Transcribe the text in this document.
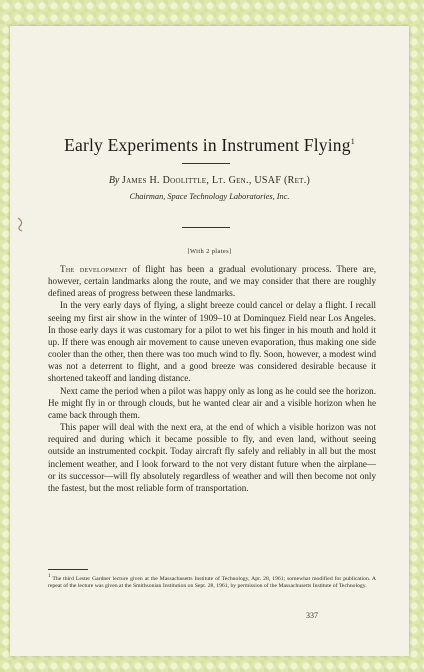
Early Experiments in Instrument Flying$^1$
By James H. Doolittle, Lt. Gen., USAF (Ret.)
Chairman, Space Technology Laboratories, Inc.
[With 2 plates]

The development of flight has been a gradual evolutionary process. There are, however, certain landmarks along the route, and we may consider that there are roughly defined areas of progress between these landmarks.

In the very early days of flying, a slight breeze could cancel or delay a flight. I recall seeing my first air show in the winter of 1909–10 at Dominquez Field near Los Angeles. In those early days it was customary for a pilot to wet his finger in his mouth and hold it up. If there was enough air movement to cause uneven evaporation, thus making one side cooler than the other, then there was too much wind to fly. Soon, however, a modest wind was not a deterrent to flight, and a good breeze was considered desirable because it shortened takeoff and landing distance.

Next came the period when a pilot was happy only as long as he could see the horizon. He might fly in or through clouds, but he wanted clear air and a visible horizon when he came back through them.

This paper will deal with the next era, at the end of which a visible horizon was not required and during which it became possible to fly, and even land, without seeing outside an instrumented cockpit. Today aircraft fly safely and reliably in all but the most inclement weather, and I look forward to the not very distant future when the airplane—or its successor—will fly absolutely regardless of weather and will then become not only the fastest, but the most reliable form of transportation.

$^1$ The third Lester Gardner lecture given at the Massachusetts Institute of Technology, Apr. 28, 1961; somewhat modified for publication. A repeat of the lecture was given at the Smithsonian Institution on Sept. 28, 1961, by permission of the Massachusetts Institute of Technology.
337
